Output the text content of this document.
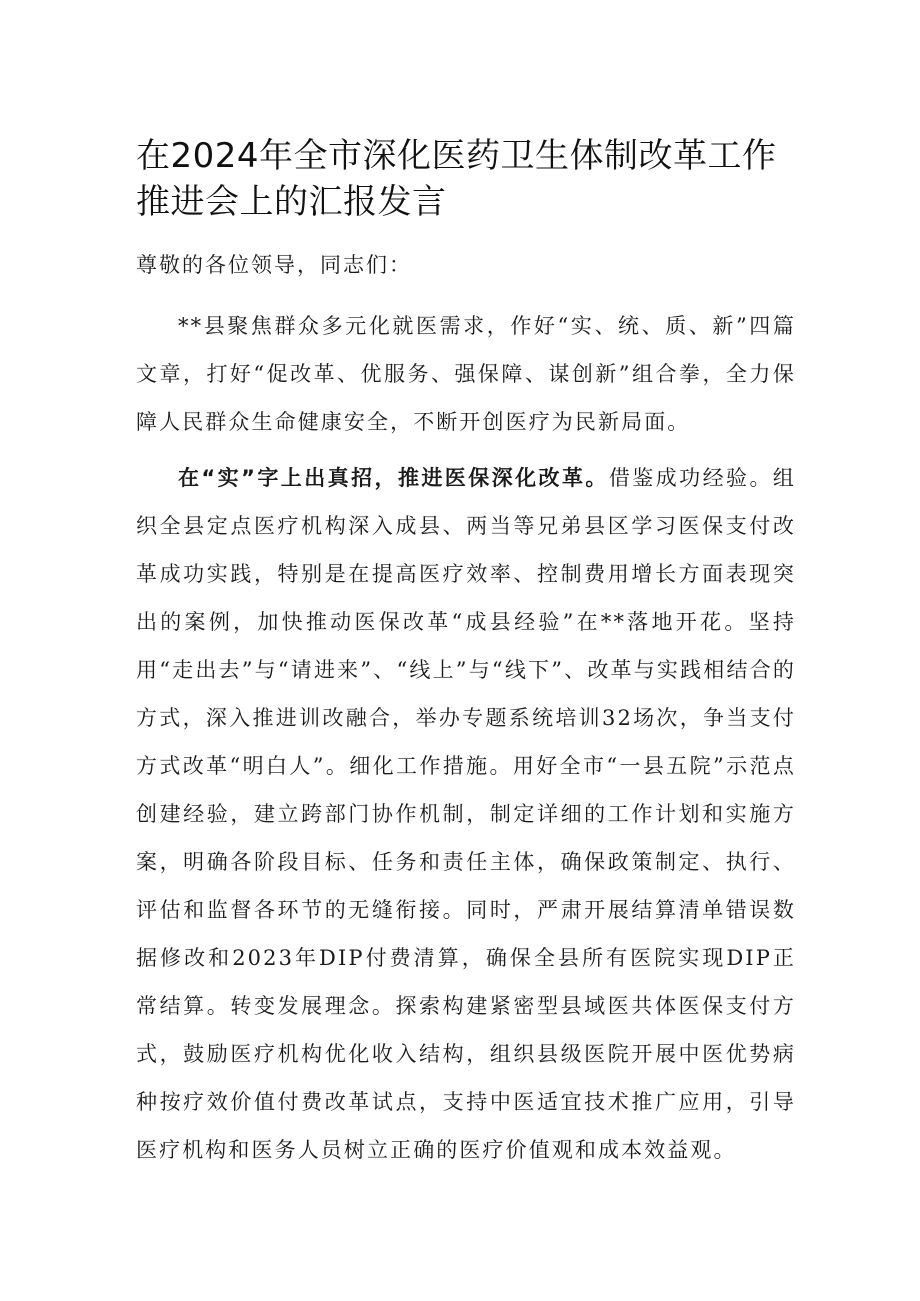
在2024年全市深化医药卫生体制改革工作推进会上的汇报发言

尊敬的各位领导，同志们：

**县聚焦群众多元化就医需求，作好“实、统、质、新”四篇文章，打好“促改革、优服务、强保障、谋创新”组合拳，全力保障人民群众生命健康安全，不断开创医疗为民新局面。

在“实”字上出真招，推进医保深化改革。借鉴成功经验。组织全县定点医疗机构深入成县、两当等兄弟县区学习医保支付改革成功实践，特别是在提高医疗效率、控制费用增长方面表现突出的案例，加快推动医保改革“成县经验”在**落地开花。坚持用“走出去”与“请进来”、“线上”与“线下”、改革与实践相结合的方式，深入推进训改融合，举办专题系统培训32场次，争当支付方式改革“明白人”。细化工作措施。用好全市“一县五院”示范点创建经验，建立跨部门协作机制，制定详细的工作计划和实施方案，明确各阶段目标、任务和责任主体，确保政策制定、执行、评估和监督各环节的无缝衔接。同时，严肃开展结算清单错误数据修改和2023年DIP付费清算，确保全县所有医院实现DIP正常结算。转变发展理念。探索构建紧密型县域医共体医保支付方式，鼓励医疗机构优化收入结构，组织县级医院开展中医优势病种按疗效价值付费改革试点，支持中医适宜技术推广应用，引导医疗机构和医务人员树立正确的医疗价值观和成本效益观。
